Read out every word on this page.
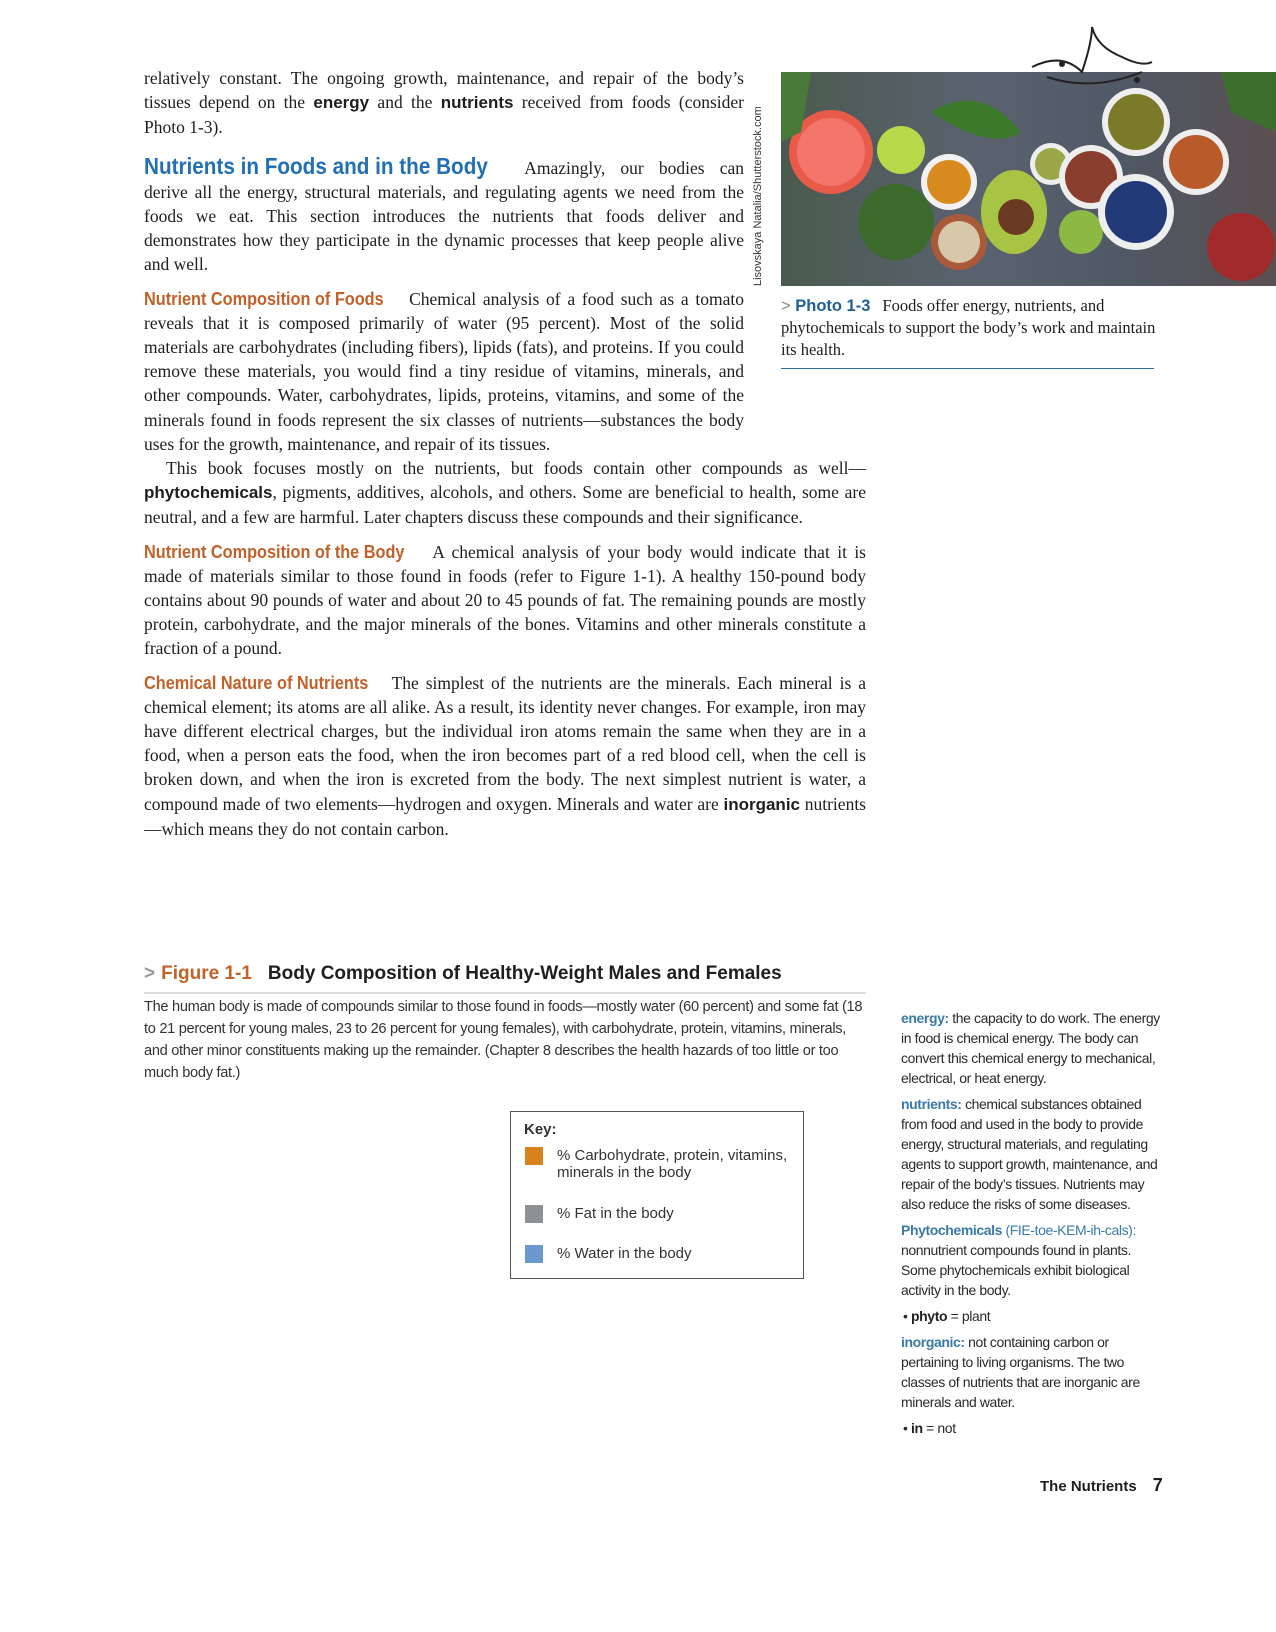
relatively constant. The ongoing growth, maintenance, and repair of the body’s tissues depend on the energy and the nutrients received from foods (consider Photo 1-3).

Nutrients in Foods and in the Body Amazingly, our bodies can derive all the energy, structural materials, and regulating agents we need from the foods we eat. This section introduces the nutrients that foods deliver and demonstrates how they participate in the dynamic processes that keep people alive and well.

Nutrient Composition of Foods Chemical analysis of a food such as a tomato reveals that it is composed primarily of water (95 percent). Most of the solid materials are carbohydrates (including fibers), lipids (fats), and proteins. If you could remove these materials, you would find a tiny residue of vitamins, minerals, and other compounds. Water, carbohydrates, lipids, proteins, vitamins, and some of the minerals found in foods represent the six classes of nutrients—substances the body uses for the growth, maintenance, and repair of its tissues.

This book focuses mostly on the nutrients, but foods contain other compounds as well—phytochemicals, pigments, additives, alcohols, and others. Some are beneficial to health, some are neutral, and a few are harmful. Later chapters discuss these compounds and their significance.

Nutrient Composition of the Body A chemical analysis of your body would indicate that it is made of materials similar to those found in foods (refer to Figure 1-1). A healthy 150-pound body contains about 90 pounds of water and about 20 to 45 pounds of fat. The remaining pounds are mostly protein, carbohydrate, and the major minerals of the bones. Vitamins and other minerals constitute a fraction of a pound.

Chemical Nature of Nutrients The simplest of the nutrients are the minerals. Each mineral is a chemical element; its atoms are all alike. As a result, its identity never changes. For example, iron may have different electrical charges, but the individual iron atoms remain the same when they are in a food, when a person eats the food, when the iron becomes part of a red blood cell, when the cell is broken down, and when the iron is excreted from the body. The next simplest nutrient is water, a compound made of two elements—hydrogen and oxygen. Minerals and water are inorganic nutrients—which means they do not contain carbon.

Lisovskaya Natalia/Shutterstock.com
> Photo 1-3 Foods offer energy, nutrients, and phytochemicals to support the body’s work and maintain its health.
> Figure 1-1 Body Composition of Healthy-Weight Males and Females
The human body is made of compounds similar to those found in foods—mostly water (60 percent) and some fat (18 to 21 percent for young males, 23 to 26 percent for young females), with carbohydrate, protein, vitamins, minerals, and other minor constituents making up the remainder. (Chapter 8 describes the health hazards of too little or too much body fat.)
Key:
% Carbohydrate, protein, vitamins, minerals in the body
% Fat in the body
% Water in the body

energy: the capacity to do work. The energy in food is chemical energy. The body can convert this chemical energy to mechanical, electrical, or heat energy.

nutrients: chemical substances obtained from food and used in the body to provide energy, structural materials, and regulating agents to support growth, maintenance, and repair of the body’s tissues. Nutrients may also reduce the risks of some diseases.

Phytochemicals (FIE-toe-KEM-ih-cals): nonnutrient compounds found in plants. Some phytochemicals exhibit biological activity in the body.

• phyto = plant

inorganic: not containing carbon or pertaining to living organisms. The two classes of nutrients that are inorganic are minerals and water.

• in = not

The Nutrients 7
